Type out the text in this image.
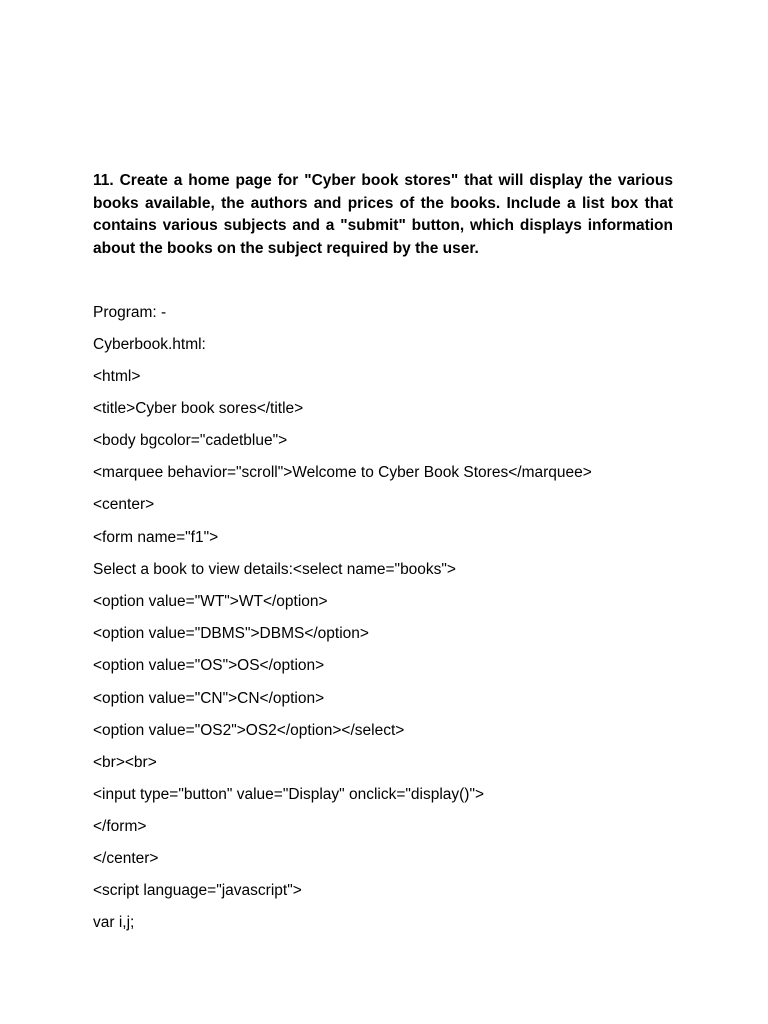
11. Create a home page for "Cyber book stores" that will display the various books available, the authors and prices of the books. Include a list box that contains various subjects and a "submit" button, which displays information about the books on the subject required by the user.

Program: -

Cyberbook.html:

<html>

<title>Cyber book sores</title>

<body bgcolor="cadetblue">

<marquee behavior="scroll">Welcome to Cyber Book Stores</marquee>

<center>

<form name="f1">

Select a book to view details:<select name="books">

<option value="WT">WT</option>

<option value="DBMS">DBMS</option>

<option value="OS">OS</option>

<option value="CN">CN</option>

<option value="OS2">OS2</option></select>

<br><br>

<input type="button" value="Display" onclick="display()">

</form>

</center>

<script language="javascript">

var i,j;
